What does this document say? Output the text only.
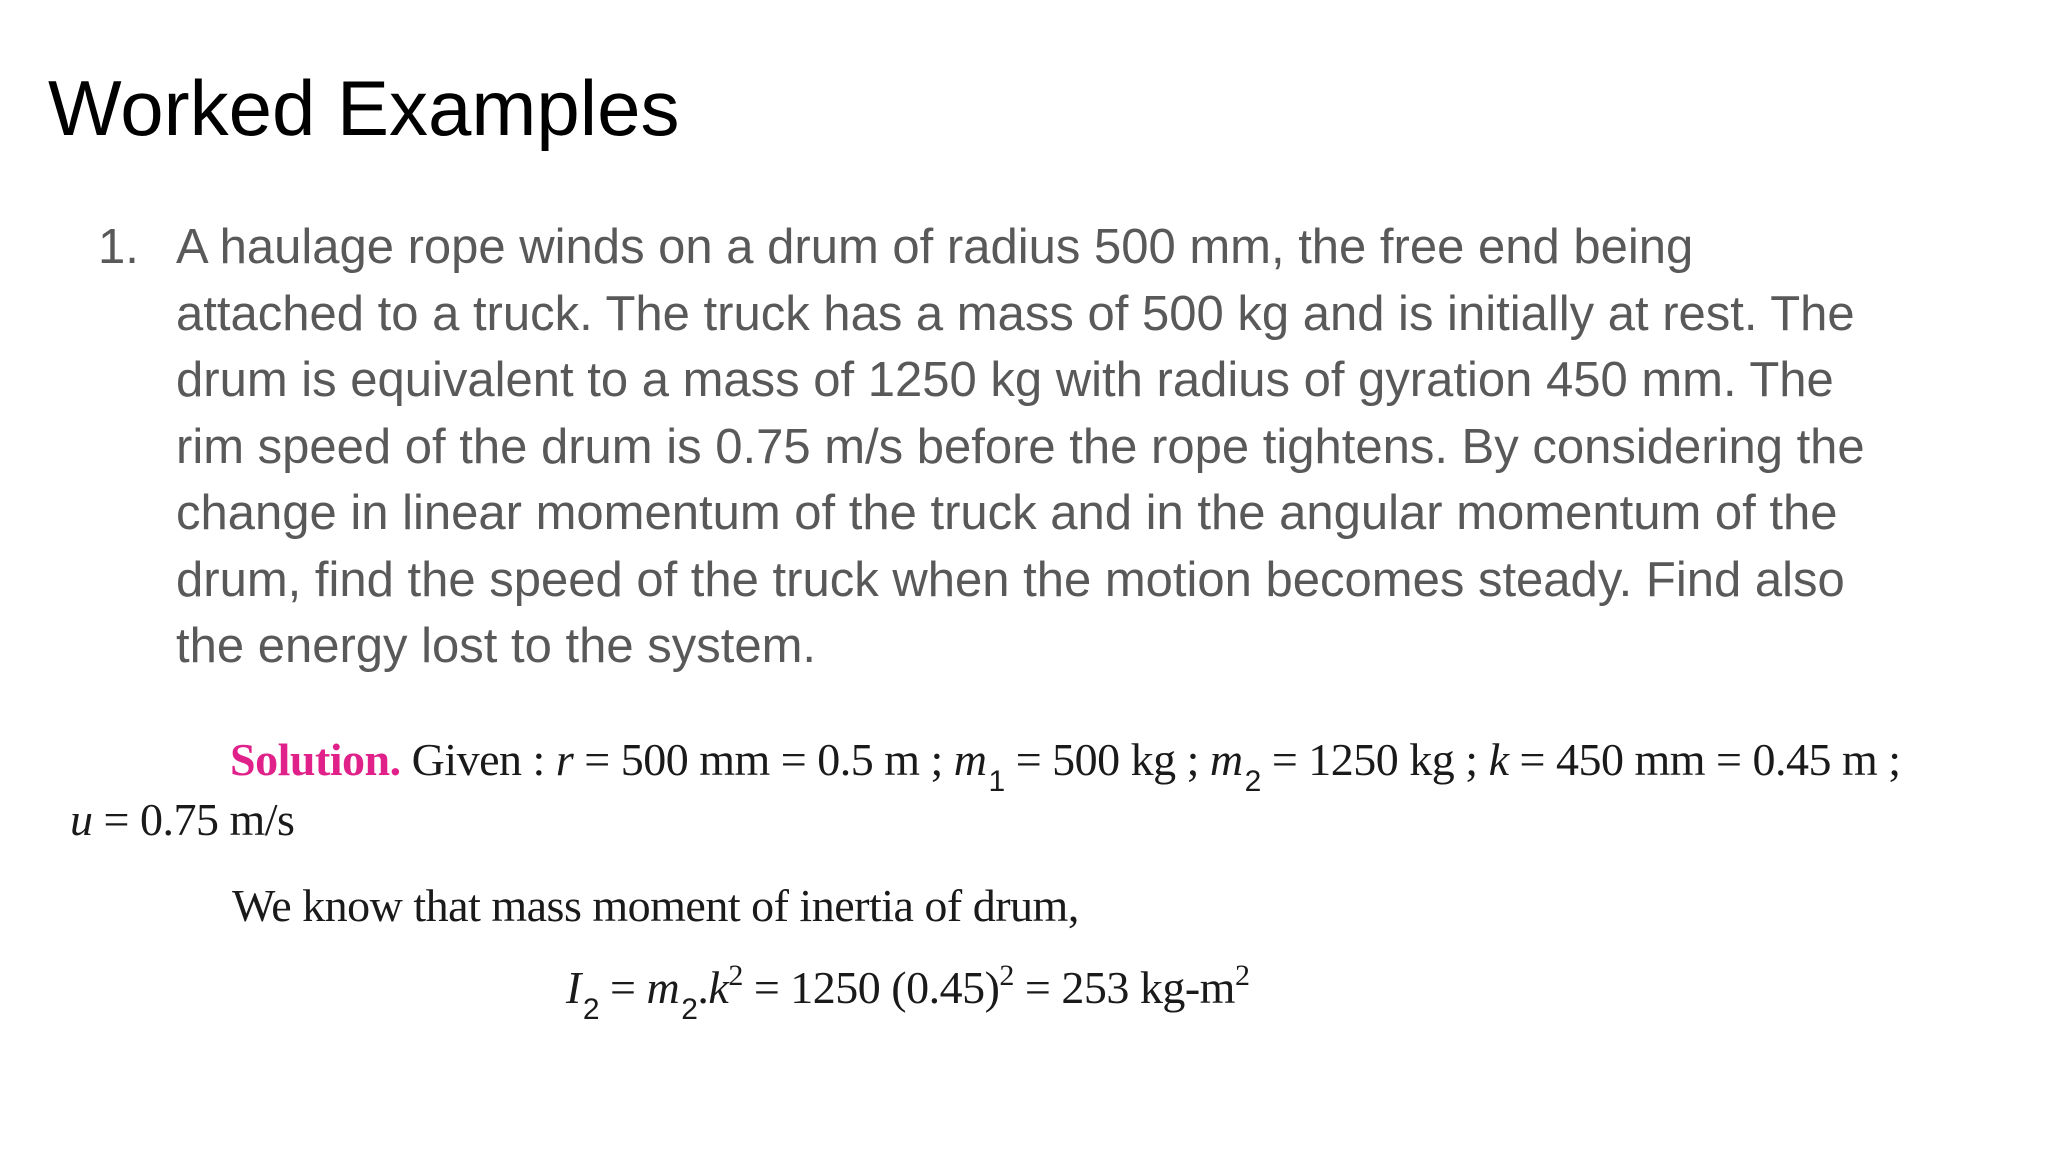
Worked Examples
1. A haulage rope winds on a drum of radius 500 mm, the free end being
attached to a truck. The truck has a mass of 500 kg and is initially at rest. The
drum is equivalent to a mass of 1250 kg with radius of gyration 450 mm. The
rim speed of the drum is 0.75 m/s before the rope tightens. By considering the
change in linear momentum of the truck and in the angular momentum of the
drum, find the speed of the truck when the motion becomes steady. Find also
the energy lost to the system.
Solution. Given : r = 500 mm = 0.5 m ; $m_1 = 500$ kg ; $m_2 = 1250$ kg ; k = 450 mm = 0.45 m ;
u = 0.75 m/s
We know that mass moment of inertia of drum,
$I_2 = m_2.k^2 = 1250$ $(0.45)^2 = 253$ $kg-m^2$
